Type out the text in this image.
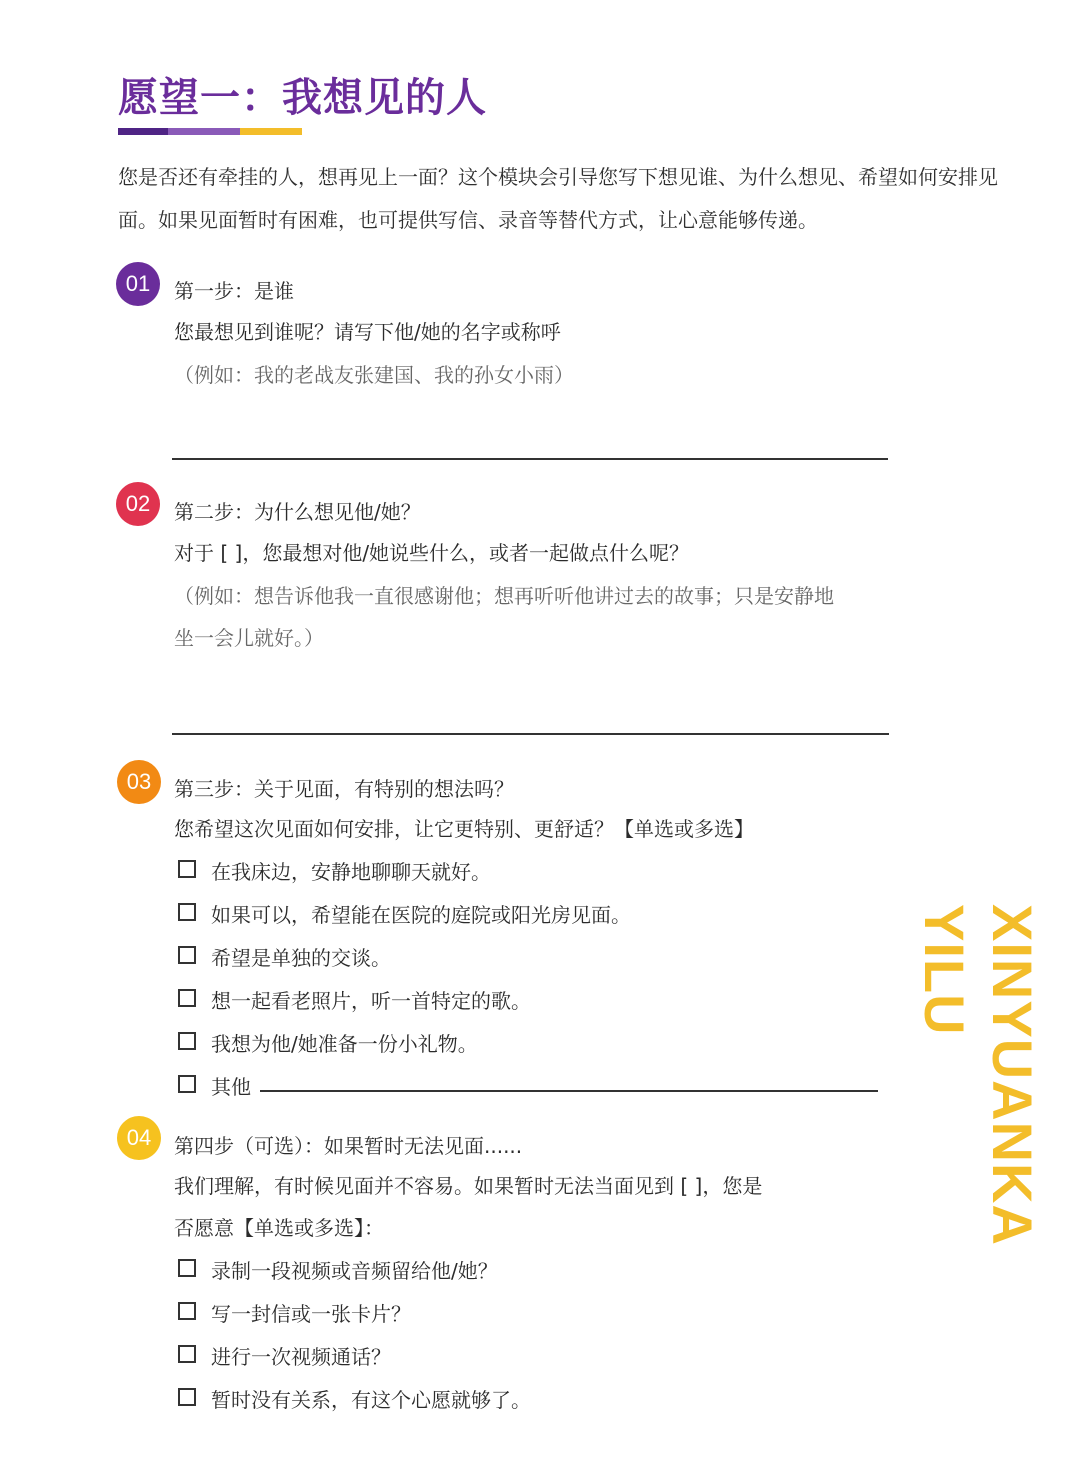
愿望一：我想见的人

您是否还有牵挂的人，想再见上一面？这个模块会引导您写下想见谁、为什么想见、希望如何安排见面。如果见面暂时有困难，也可提供写信、录音等替代方式，让心意能够传递。

01	第一步：是谁
您最想见到谁呢？请写下他/她的名字或称呼
（例如：我的老战友张建国、我的孙女小雨）
02	第二步：为什么想见他/她？
对于 [ ]，您最想对他/她说些什么，或者一起做点什么呢？
（例如：想告诉他我一直很感谢他；想再听听他讲过去的故事；只是安静地
坐一会儿就好。）
03	第三步：关于见面，有特别的想法吗？
您希望这次见面如何安排，让它更特别、更舒适？【单选或多选】
在我床边，安静地聊聊天就好。
如果可以，希望能在医院的庭院或阳光房见面。
希望是单独的交谈。
想一起看老照片，听一首特定的歌。
我想为他/她准备一份小礼物。
其他
04	第四步（可选）：如果暂时无法见面......
我们理解，有时候见面并不容易。如果暂时无法当面见到 [ ]，您是
否愿意【单选或多选】：
录制一段视频或音频留给他/她？
写一封信或一张卡片？
进行一次视频通话？
暂时没有关系，有这个心愿就够了。
XINYUANKA
YILU
